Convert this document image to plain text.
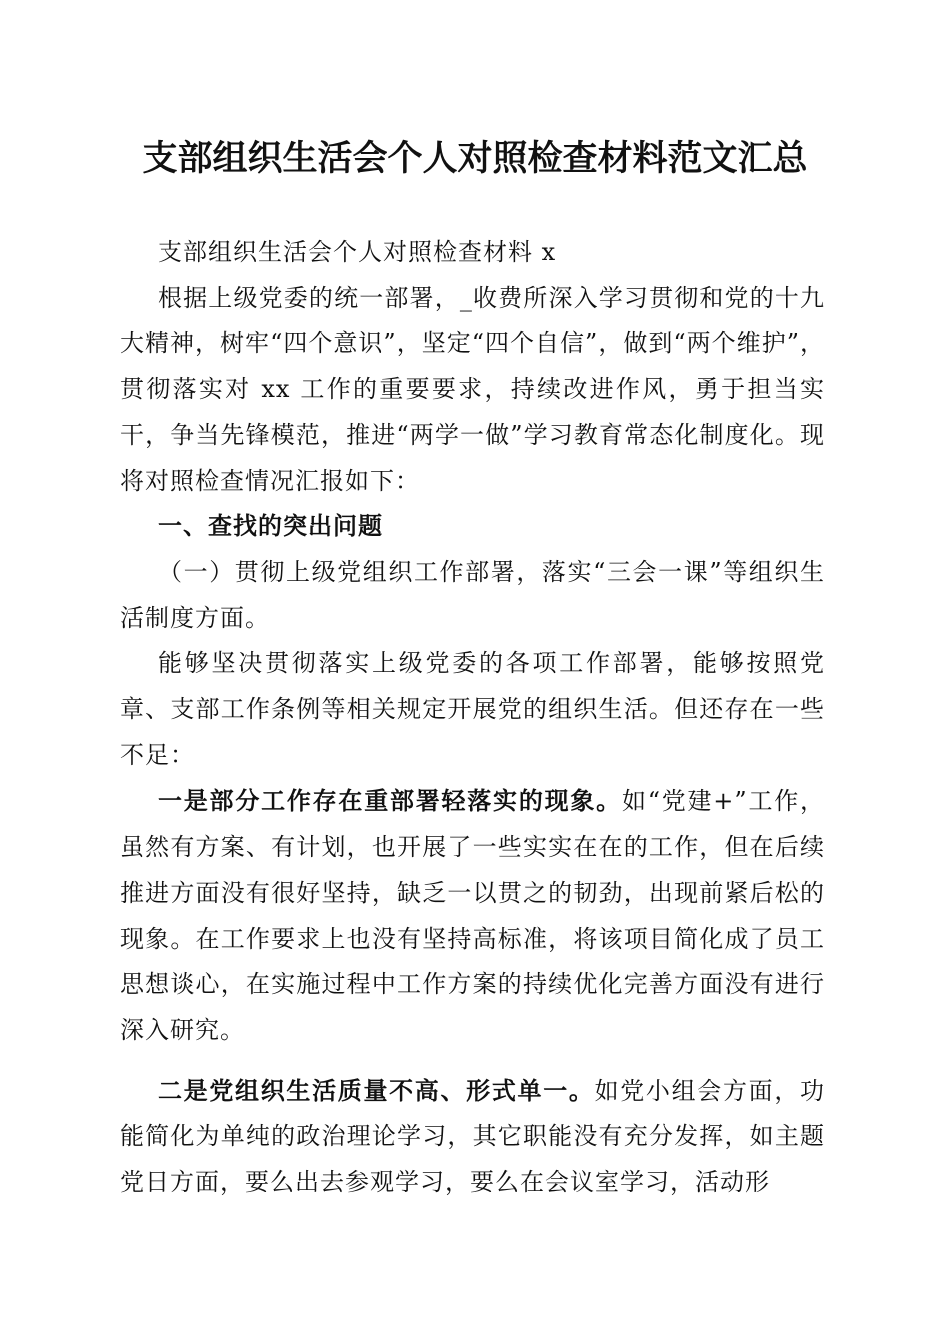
支部组织生活会个人对照检查材料范文汇总

支部组织生活会个人对照检查材料 x

根据上级党委的统一部署，_收费所深入学习贯彻和党的十九大精神，树牢“四个意识”，坚定“四个自信”，做到“两个维护”，贯彻落实对 xx 工作的重要要求，持续改进作风，勇于担当实干，争当先锋模范，推进“两学一做”学习教育常态化制度化。现将对照检查情况汇报如下：

一、查找的突出问题

（一）贯彻上级党组织工作部署，落实“三会一课”等组织生活制度方面。

能够坚决贯彻落实上级党委的各项工作部署，能够按照党章、支部工作条例等相关规定开展党的组织生活。但还存在一些不足：

一是部分工作存在重部署轻落实的现象。如“党建+”工作，虽然有方案、有计划，也开展了一些实实在在的工作，但在后续推进方面没有很好坚持，缺乏一以贯之的韧劲，出现前紧后松的现象。在工作要求上也没有坚持高标准，将该项目简化成了员工思想谈心，在实施过程中工作方案的持续优化完善方面没有进行深入研究。

二是党组织生活质量不高、形式单一。如党小组会方面，功能简化为单纯的政治理论学习，其它职能没有充分发挥，如主题党日方面，要么出去参观学习，要么在会议室学习，活动形
